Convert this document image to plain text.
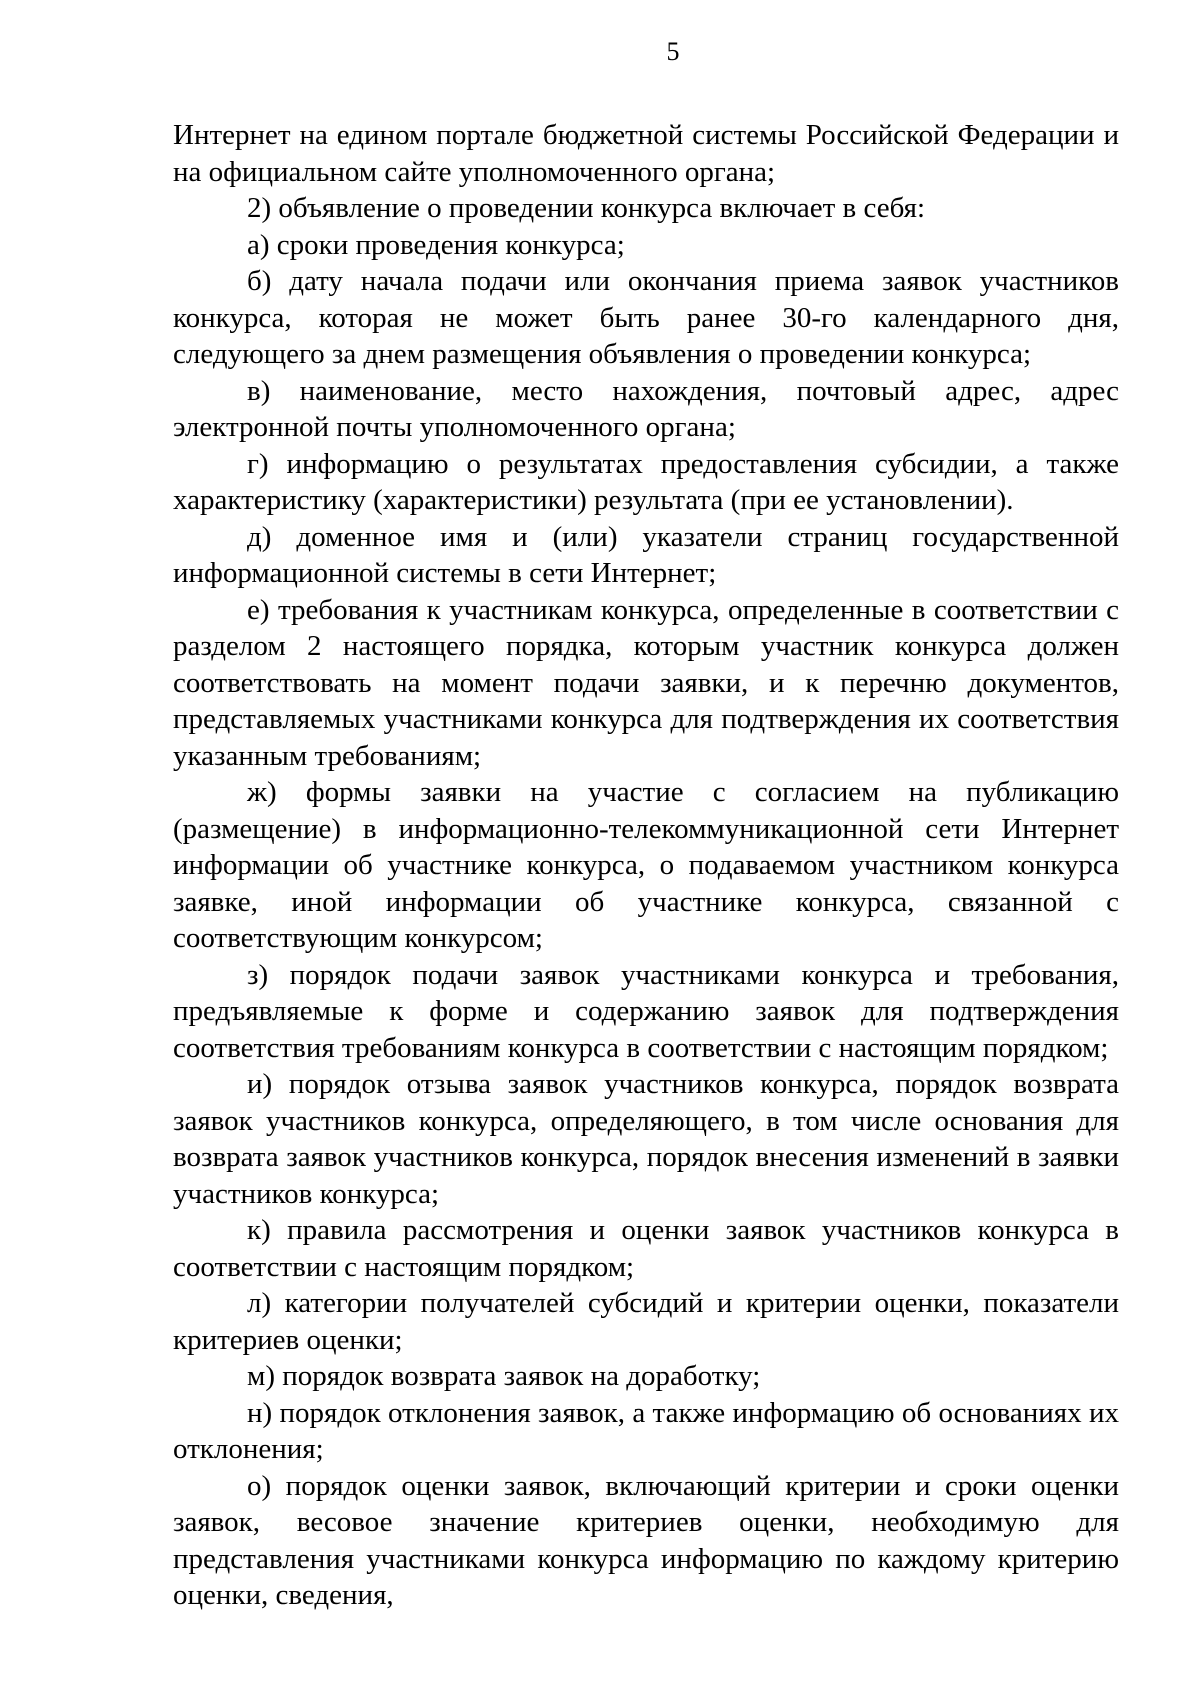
5

Интернет на едином портале бюджетной системы Российской Федерации и на официальном сайте уполномоченного органа;

2) объявление о проведении конкурса включает в себя:

а) сроки проведения конкурса;

б) дату начала подачи или окончания приема заявок участников конкурса, которая не может быть ранее 30-го календарного дня, следующего за днем размещения объявления о проведении конкурса;

в) наименование, место нахождения, почтовый адрес, адрес электронной почты уполномоченного органа;

г) информацию о результатах предоставления субсидии, а также характеристику (характеристики) результата (при ее установлении).

д) доменное имя и (или) указатели страниц государственной информационной системы в сети Интернет;

е) требования к участникам конкурса, определенные в соответствии с разделом 2 настоящего порядка, которым участник конкурса должен соответствовать на момент подачи заявки, и к перечню документов, представляемых участниками конкурса для подтверждения их соответствия указанным требованиям;

ж) формы заявки на участие с согласием на публикацию (размещение) в информационно-телекоммуникационной сети Интернет информации об участнике конкурса, о подаваемом участником конкурса заявке, иной информации об участнике конкурса, связанной с соответствующим конкурсом;

з) порядок подачи заявок участниками конкурса и требования, предъявляемые к форме и содержанию заявок для подтверждения соответствия требованиям конкурса в соответствии с настоящим порядком;

и) порядок отзыва заявок участников конкурса, порядок возврата заявок участников конкурса, определяющего, в том числе основания для возврата заявок участников конкурса, порядок внесения изменений в заявки участников конкурса;

к) правила рассмотрения и оценки заявок участников конкурса в соответствии с настоящим порядком;

л) категории получателей субсидий и критерии оценки, показатели критериев оценки;

м) порядок возврата заявок на доработку;

н) порядок отклонения заявок, а также информацию об основаниях их отклонения;

о) порядок оценки заявок, включающий критерии и сроки оценки заявок, весовое значение критериев оценки, необходимую для представления участниками конкурса информацию по каждому критерию оценки, сведения,
